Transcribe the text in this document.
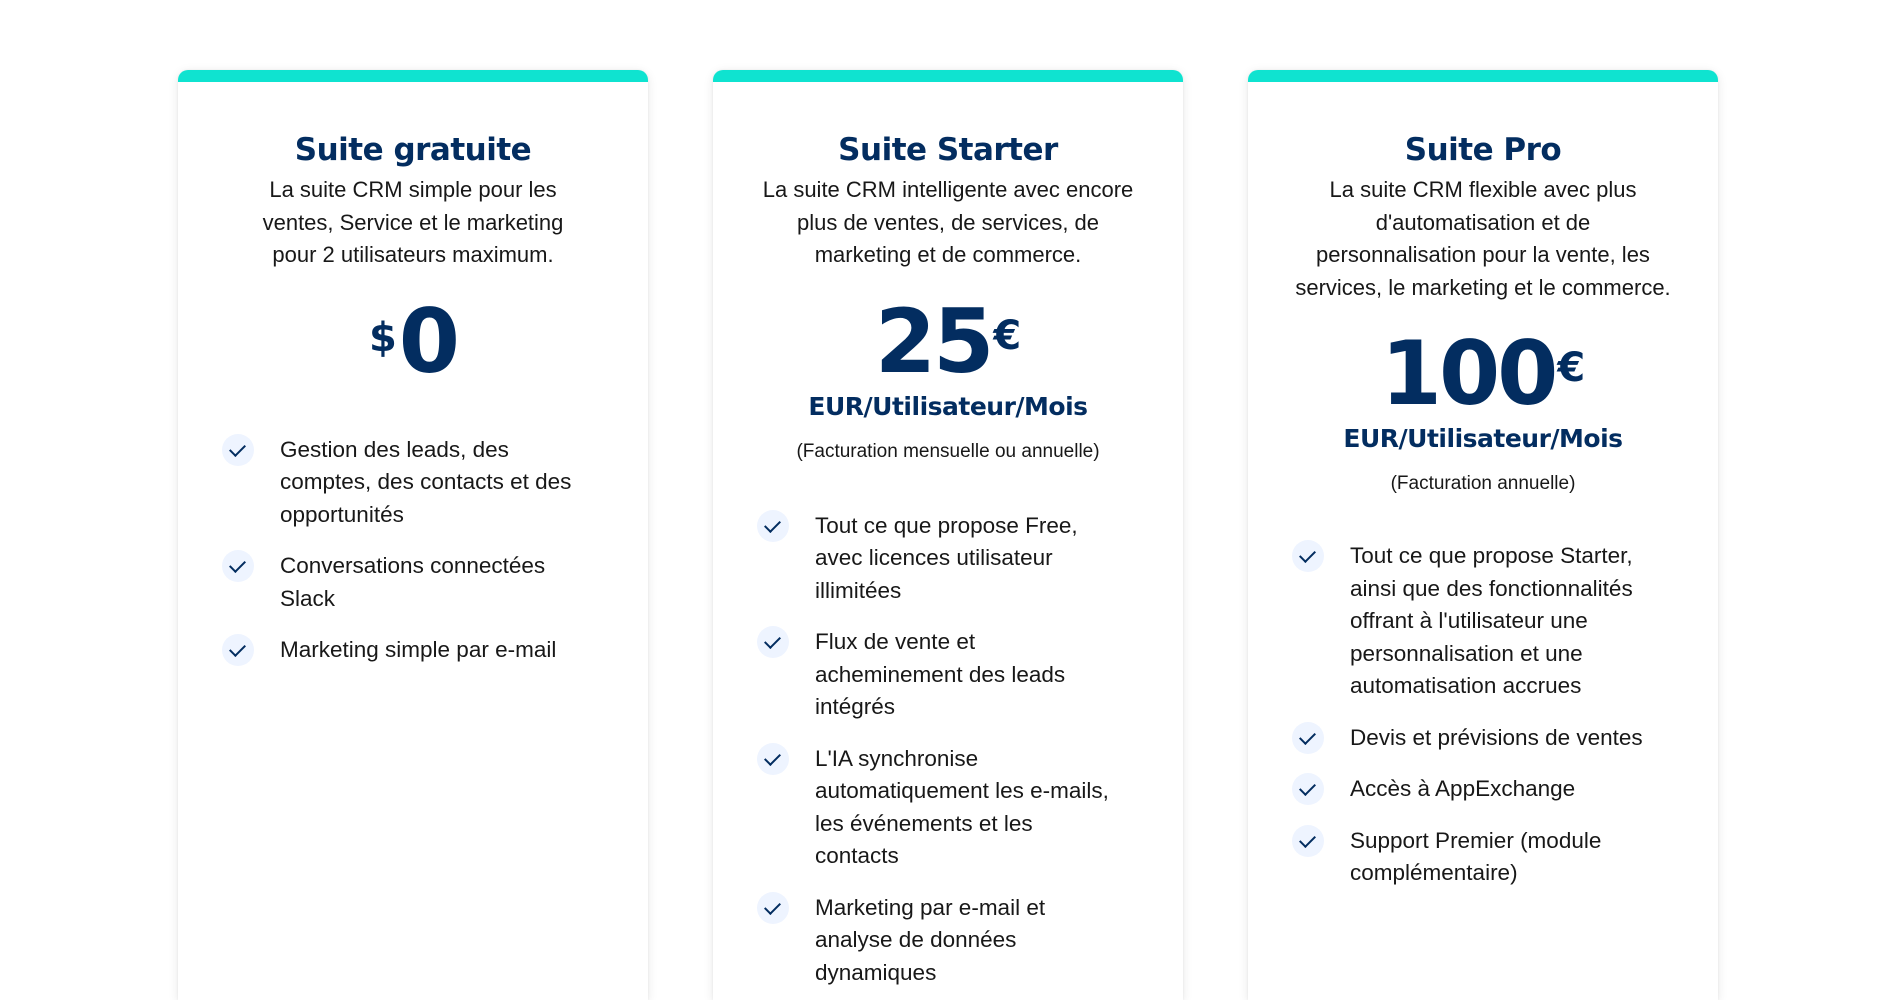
Suite gratuite

La suite CRM simple pour les ventes, Service et le marketing pour 2 utilisateurs maximum.

$0
Gestion des leads, des comptes, des contacts et des opportunités
Conversations connectées Slack
Marketing simple par e-mail
Suite Starter

La suite CRM intelligente avec encore plus de ventes, de services, de marketing et de commerce.

25€
EUR/Utilisateur/Mois
(Facturation mensuelle ou annuelle)
Tout ce que propose Free, avec licences utilisateur illimitées
Flux de vente et acheminement des leads intégrés
L'IA synchronise automatiquement les e-mails, les événements et les contacts
Marketing par e-mail et analyse de données dynamiques
Suite Pro

La suite CRM flexible avec plus d'automatisation et de personnalisation pour la vente, les services, le marketing et le commerce.

100€
EUR/Utilisateur/Mois
(Facturation annuelle)
Tout ce que propose Starter, ainsi que des fonctionnalités offrant à l'utilisateur une personnalisation et une automatisation accrues
Devis et prévisions de ventes
Accès à AppExchange
Support Premier (module complémentaire)
